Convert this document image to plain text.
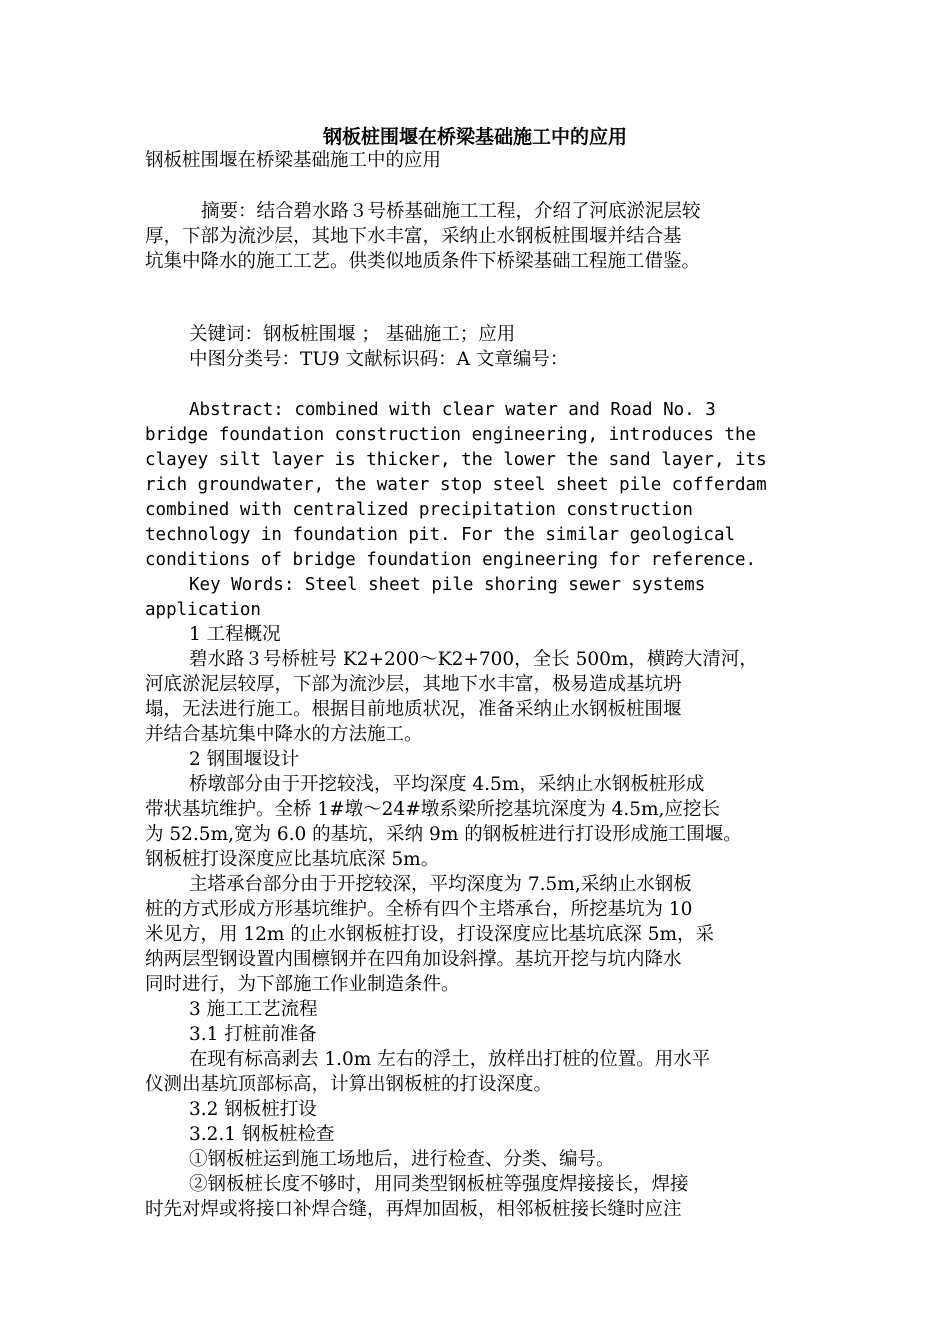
钢板桩围堰在桥梁基础施工中的应用
钢板桩围堰在桥梁基础施工中的应用
摘要：结合碧水路３号桥基础施工工程，介绍了河底淤泥层较
厚，下部为流沙层，其地下水丰富，采纳止水钢板桩围堰并结合基
坑集中降水的施工工艺。供类似地质条件下桥梁基础工程施工借鉴。
关键词：钢板桩围堰 ； 基础施工；应用
中图分类号：TU9 文献标识码：A 文章编号：
Abstract: combined with clear water and Road No. 3
bridge foundation construction engineering, introduces the
clayey silt layer is thicker, the lower the sand layer, its
rich groundwater, the water stop steel sheet pile cofferdam
combined with centralized precipitation construction
technology in foundation pit. For the similar geological
conditions of bridge foundation engineering for reference.
Key Words: Steel sheet pile shoring sewer systems
application
1 工程概况
碧水路３号桥桩号 K2+200～K2+700，全长 500m，横跨大清河，
河底淤泥层较厚，下部为流沙层，其地下水丰富，极易造成基坑坍
塌，无法进行施工。根据目前地质状况，准备采纳止水钢板桩围堰
并结合基坑集中降水的方法施工。
2 钢围堰设计
桥墩部分由于开挖较浅，平均深度 4.5m，采纳止水钢板桩形成
带状基坑维护。全桥 1#墩～24#墩系梁所挖基坑深度为 4.5m,应挖长
为 52.5m,宽为 6.0 的基坑，采纳 9m 的钢板桩进行打设形成施工围堰。
钢板桩打设深度应比基坑底深 5m。
主塔承台部分由于开挖较深，平均深度为 7.5m,采纳止水钢板
桩的方式形成方形基坑维护。全桥有四个主塔承台，所挖基坑为 10
米见方，用 12m 的止水钢板桩打设，打设深度应比基坑底深 5m，采
纳两层型钢设置内围檩钢并在四角加设斜撑。基坑开挖与坑内降水
同时进行，为下部施工作业制造条件。
3 施工工艺流程
3.1 打桩前准备
在现有标高剥去 1.0m 左右的浮土，放样出打桩的位置。用水平
仪测出基坑顶部标高，计算出钢板桩的打设深度。
3.2 钢板桩打设
3.2.1 钢板桩检查
①钢板桩运到施工场地后，进行检查、分类、编号。
②钢板桩长度不够时，用同类型钢板桩等强度焊接接长，焊接
时先对焊或将接口补焊合缝，再焊加固板，相邻板桩接长缝时应注
